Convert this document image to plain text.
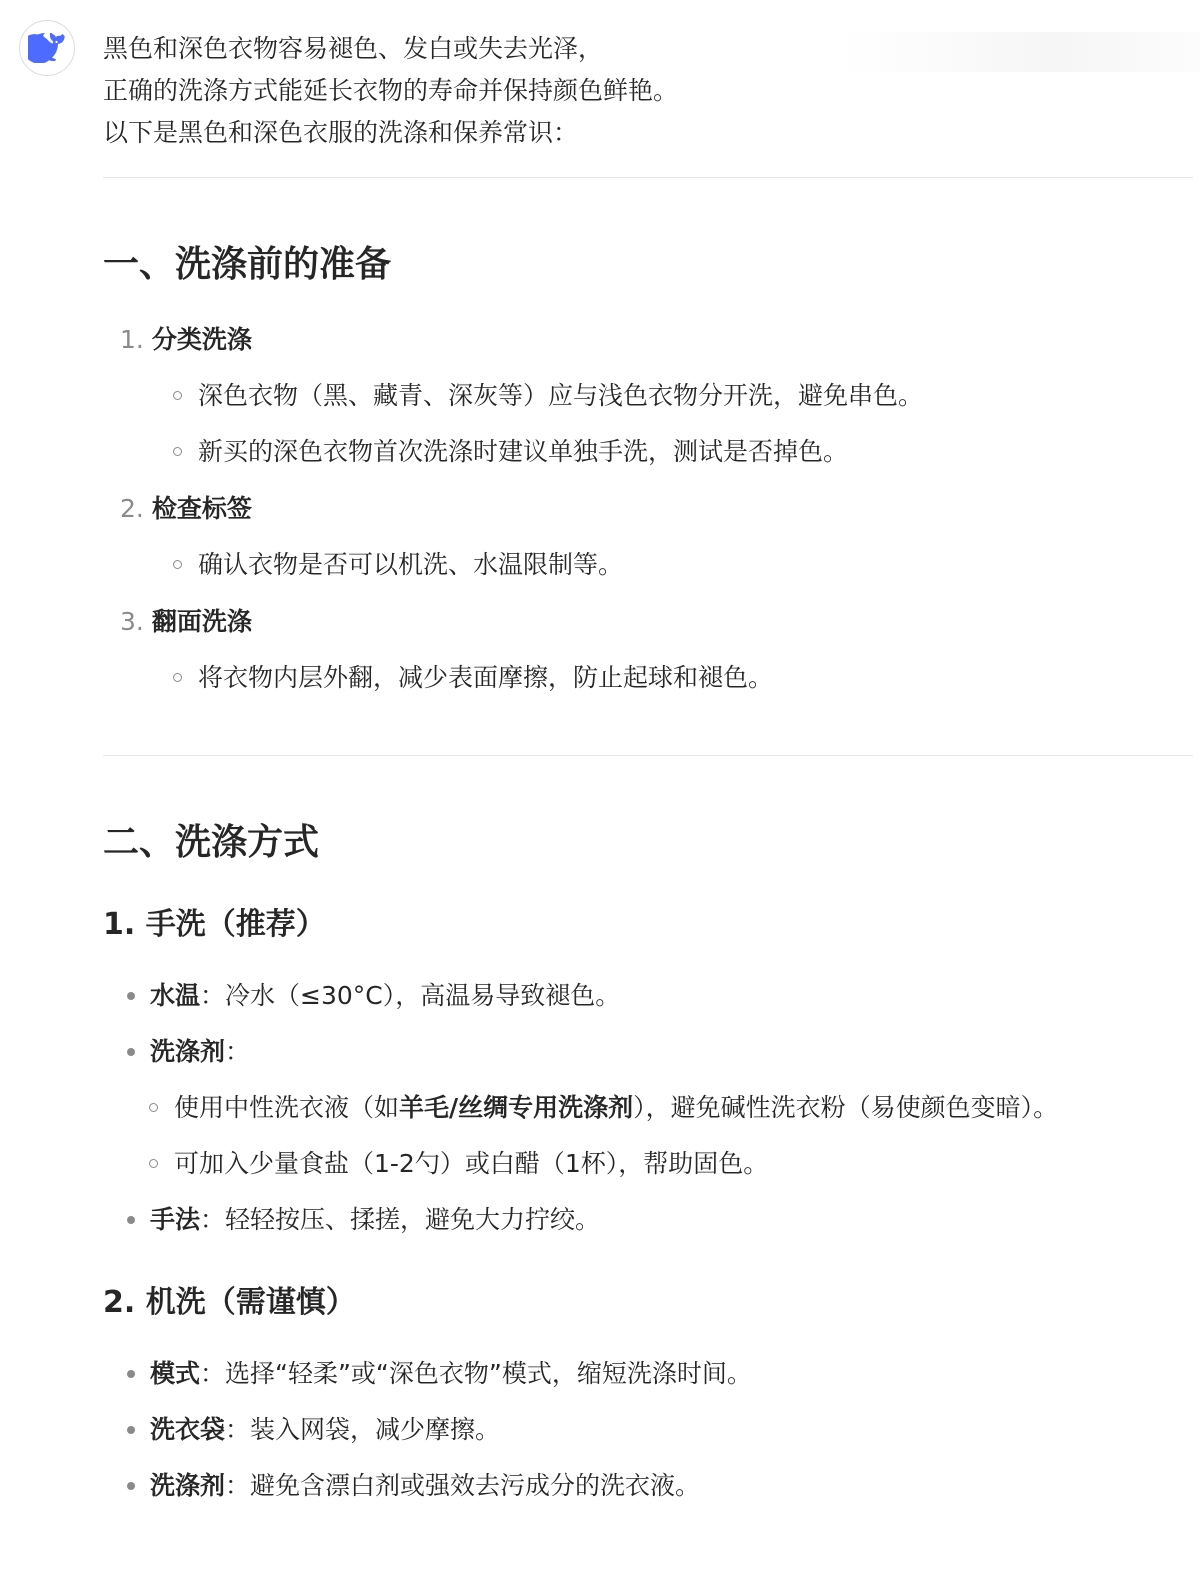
黑色和深色衣物容易褪色、发白或失去光泽，

正确的洗涤方式能延长衣物的寿命并保持颜色鲜艳。

以下是黑色和深色衣服的洗涤和保养常识：

一、洗涤前的准备
1. 分类洗涤
深色衣物（黑、藏青、深灰等）应与浅色衣物分开洗，避免串色。
新买的深色衣物首次洗涤时建议单独手洗，测试是否掉色。
2. 检查标签
确认衣物是否可以机洗、水温限制等。
3. 翻面洗涤
将衣物内层外翻，减少表面摩擦，防止起球和褪色。
二、洗涤方式
1. 手洗（推荐）
水温：冷水（≤30°C），高温易导致褪色。
洗涤剂：
使用中性洗衣液（如羊毛/丝绸专用洗涤剂），避免碱性洗衣粉（易使颜色变暗）。
可加入少量食盐（1-2勺）或白醋（1杯），帮助固色。
手法：轻轻按压、揉搓，避免大力拧绞。
2. 机洗（需谨慎）
模式：选择“轻柔”或“深色衣物”模式，缩短洗涤时间。
洗衣袋：装入网袋，减少摩擦。
洗涤剂：避免含漂白剂或强效去污成分的洗衣液。
